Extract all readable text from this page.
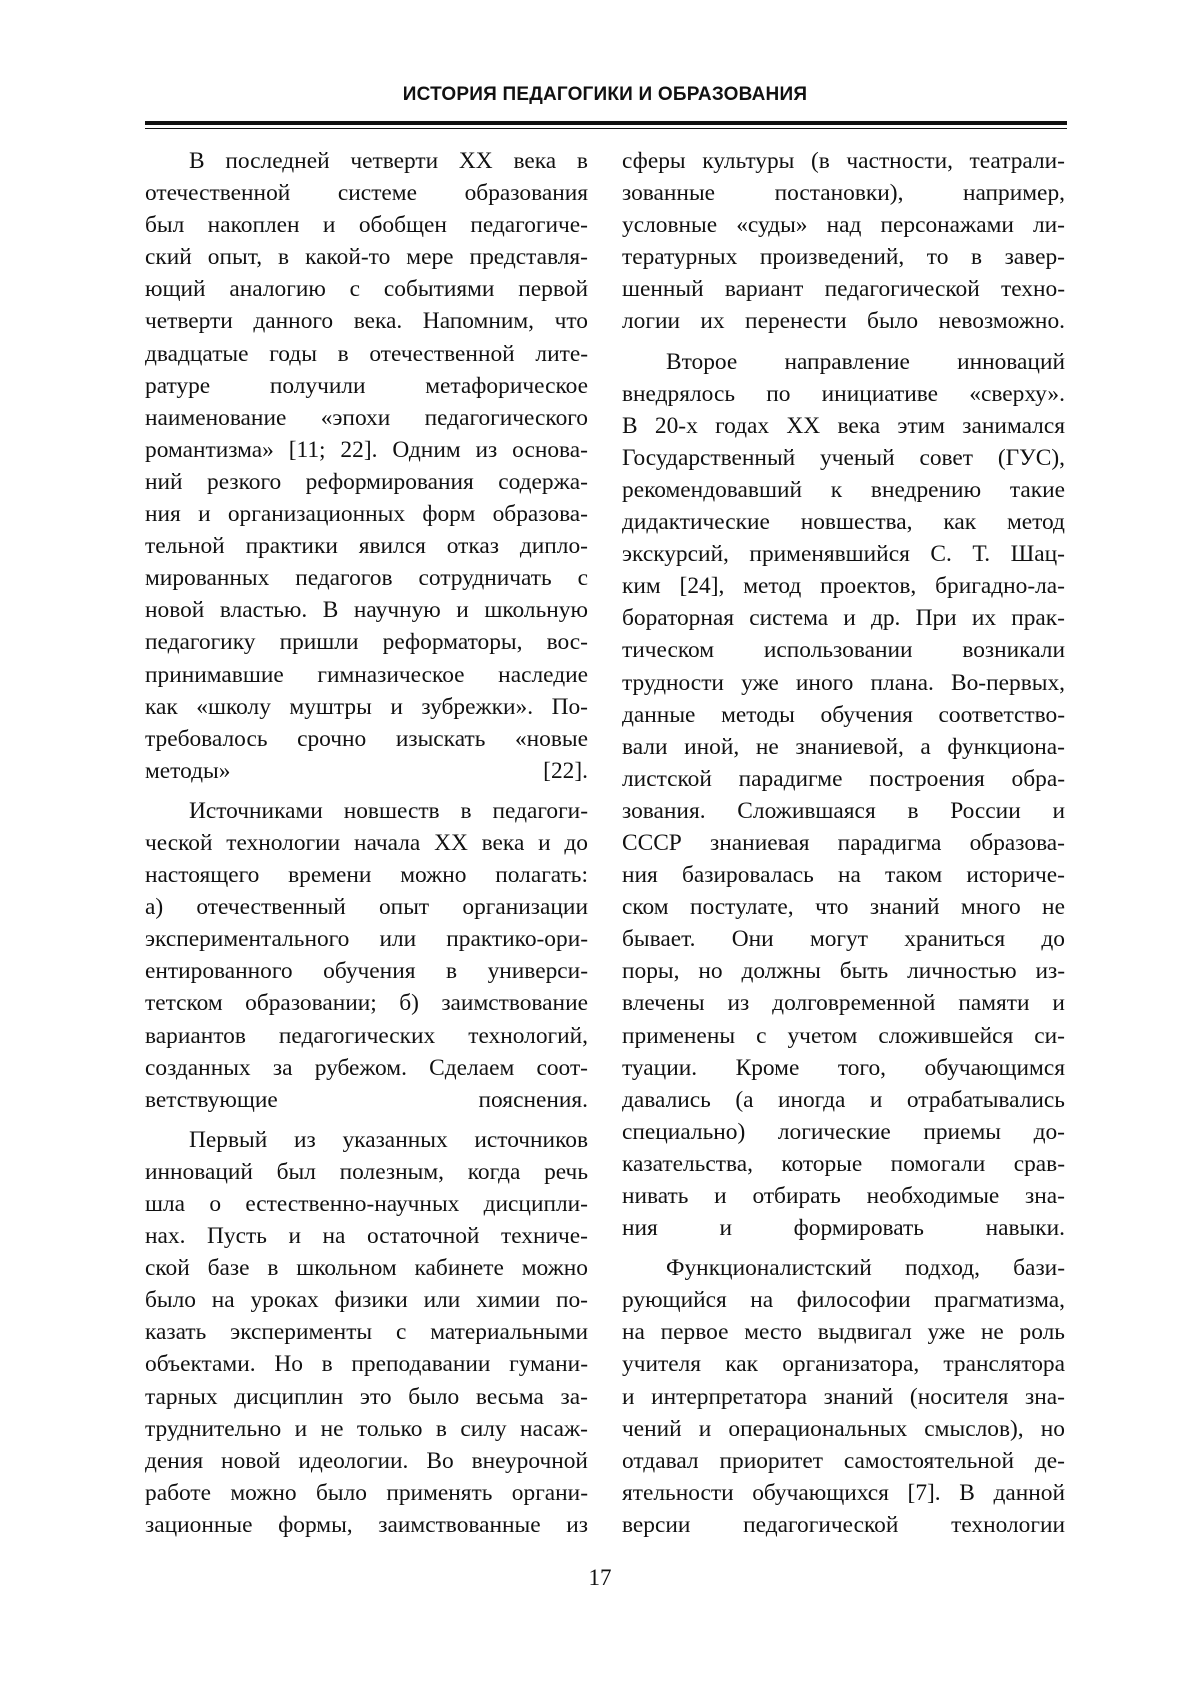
ИСТОРИЯ ПЕДАГОГИКИ И ОБРАЗОВАНИЯ
В последней четверти ХХ века в
отечественной системе образования
был накоплен и обобщен педагогиче-
ский опыт, в какой-то мере представля-
ющий аналогию с событиями первой
четверти данного века. Напомним, что
двадцатые годы в отечественной лите-
ратуре	получили	метафорическое
наименование «эпохи педагогического
романтизма» [11; 22]. Одним из основа-
ний резкого реформирования содержа-
ния и организационных форм образова-
тельной практики явился отказ дипло-
мированных педагогов сотрудничать с
новой властью. В научную и школьную
педагогику пришли реформаторы, вос-
принимавшие гимназическое наследие
как «школу муштры и зубрежки». По-
требовалось срочно изыскать «новые
методы» [22].
Источниками новшеств в педагоги-
ческой технологии начала ХХ века и до
настоящего времени можно полагать:
а) отечественный опыт организации
экспериментального или практико-ори-
ентированного обучения в универси-
тетском образовании; б) заимствование
вариантов педагогических технологий,
созданных за рубежом. Сделаем соот-
ветствующие пояснения.
Первый из указанных источников
инноваций был полезным, когда речь
шла о естественно-научных дисципли-
нах. Пусть и на остаточной техниче-
ской базе в школьном кабинете можно
было на уроках физики или химии по-
казать эксперименты с материальными
объектами. Но в преподавании гумани-
тарных дисциплин это было весьма за-
труднительно и не только в силу насаж-
дения новой идеологии. Во внеурочной
работе можно было применять органи-
зационные формы, заимствованные из
сферы культуры (в частности, театрали-
зованные	постановки),	например,
условные «суды» над персонажами ли-
тературных произведений, то в завер-
шенный вариант педагогической техно-
логии их перенести было невозможно.
Второе направление инноваций
внедрялось по инициативе «сверху».
В 20-х годах ХХ века этим занимался
Государственный ученый совет (ГУС),
рекомендовавший к внедрению такие
дидактические новшества, как метод
экскурсий, применявшийся С. Т. Шац-
ким [24], метод проектов, бригадно-ла-
бораторная система и др. При их прак-
тическом использовании возникали
трудности уже иного плана. Во-первых,
данные методы обучения соответство-
вали иной, не знаниевой, а функциона-
листской парадигме построения обра-
зования. Сложившаяся в России и
СССР знаниевая парадигма образова-
ния базировалась на таком историче-
ском постулате, что знаний много не
бывает. Они могут храниться до
поры, но должны быть личностью из-
влечены из долговременной памяти и
применены с учетом сложившейся си-
туации. Кроме того, обучающимся
давались (а иногда и отрабатывались
специально) логические приемы до-
казательства, которые помогали срав-
нивать и отбирать необходимые зна-
ния и формировать навыки.
Функционалистский подход, бази-
рующийся на философии прагматизма,
на первое место выдвигал уже не роль
учителя как организатора, транслятора
и интерпретатора знаний (носителя зна-
чений и операциональных смыслов), но
отдавал приоритет самостоятельной де-
ятельности обучающихся [7]. В данной
версии педагогической технологии
17
